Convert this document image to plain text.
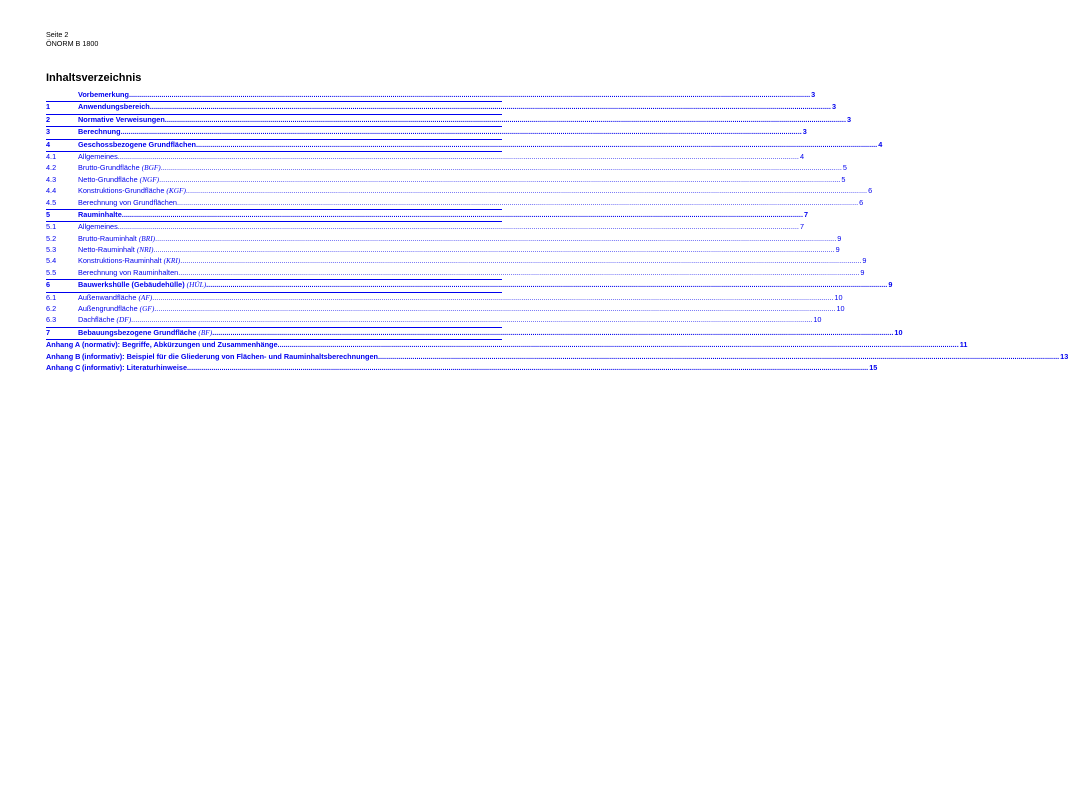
Seite 2
ÖNORM B 1800
Inhaltsverzeichnis
Vorbemerkung .....	3
1	Anwendungsbereich .....	3
2	Normative Verweisungen .....	3
3	Berechnung .....	3
4	Geschossbezogene Grundflächen .....	4
4.1	Allgemeines .....	4
4.2	Brutto-Grundfläche (BGF) .....	5
4.3	Netto-Grundfläche (NGF) .....	5
4.4	Konstruktions-Grundfläche (KGF) .....	6
4.5	Berechnung von Grundflächen .....	6
5	Rauminhalte .....	7
5.1	Allgemeines .....	7
5.2	Brutto-Rauminhalt (BRI) .....	9
5.3	Netto-Rauminhalt (NRI) .....	9
5.4	Konstruktions-Rauminhalt (KRI) .....	9
5.5	Berechnung von Rauminhalten .....	9
6	Bauwerkshülle (Gebäudehülle) (HÜL) .....	9
6.1	Außenwandfläche (AF) .....	10
6.2	Außengrundfläche (GF) .....	10
6.3	Dachfläche (DF) .....	10
7	Bebauungsbezogene Grundfläche (BF) .....	10
Anhang A (normativ): Begriffe, Abkürzungen und Zusammenhänge .....	11
Anhang B (informativ): Beispiel für die Gliederung von Flächen- und Rauminhaltsberechnungen .....	13
Anhang C (informativ): Literaturhinweise .....	15
